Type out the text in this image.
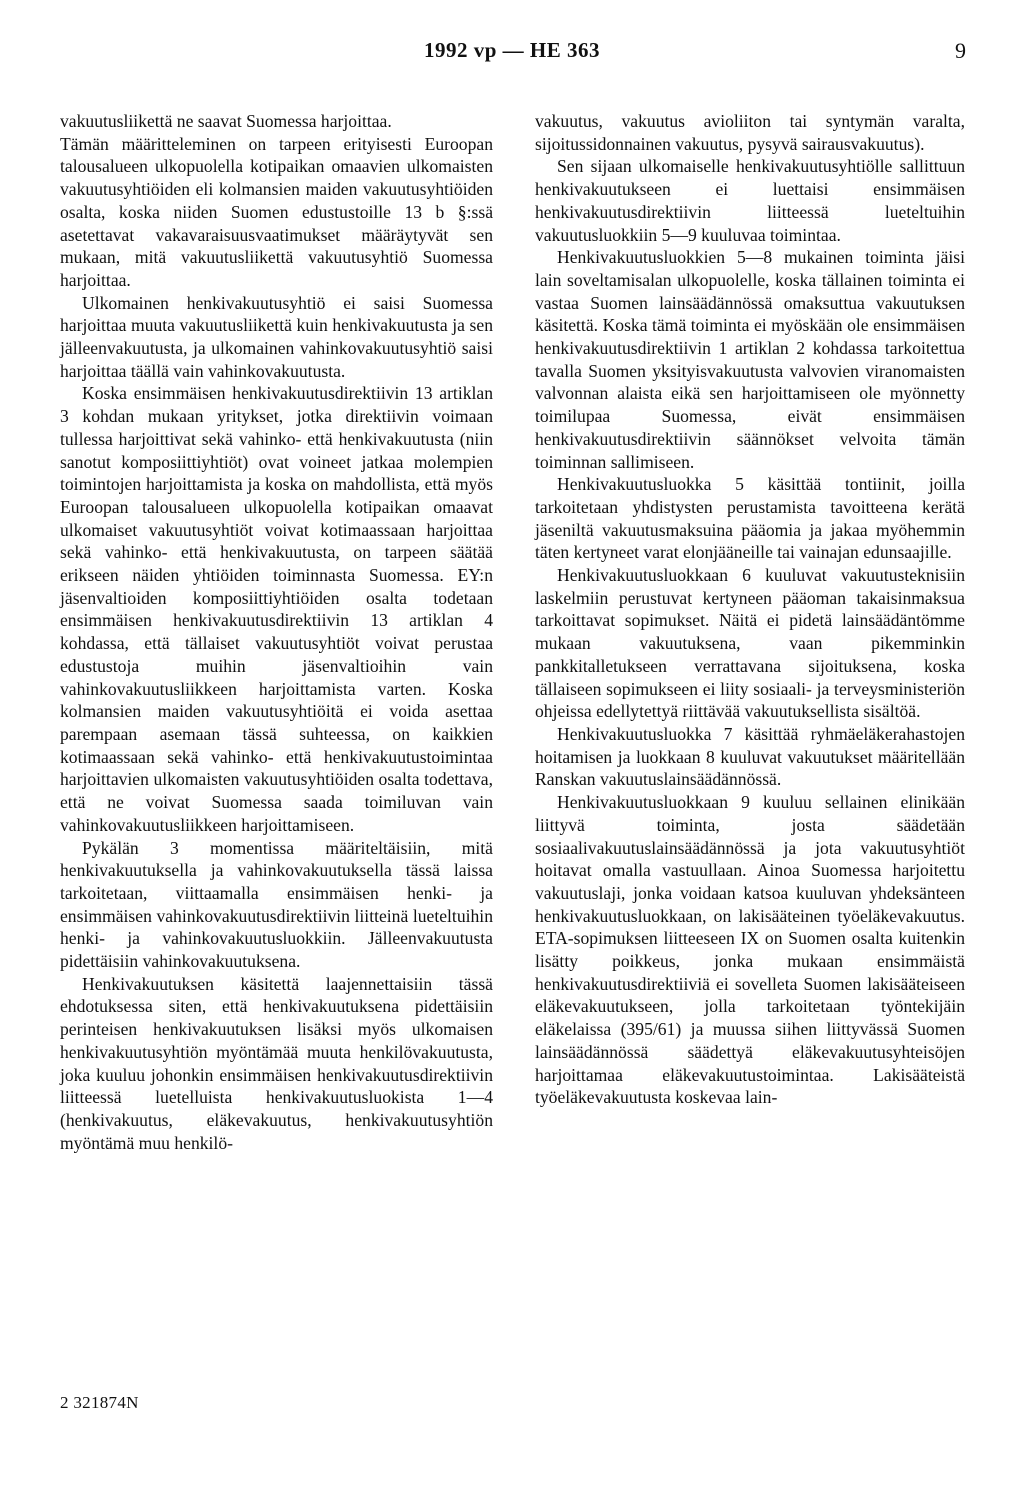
1992 vp — HE 363	9

vakuutusliikettä ne saavat Suomessa harjoittaa.

Tämän määritteleminen on tarpeen erityisesti Euroopan talousalueen ulkopuolella kotipaikan omaavien ulkomaisten vakuutusyhtiöiden eli kolmansien maiden vakuutusyhtiöiden osalta, koska niiden Suomen edustustoille 13 b §:ssä asetettavat vakavaraisuusvaatimukset määräytyvät sen mukaan, mitä vakuutusliikettä vakuutusyhtiö Suomessa harjoittaa.

Ulkomainen henkivakuutusyhtiö ei saisi Suomessa harjoittaa muuta vakuutusliikettä kuin henkivakuutusta ja sen jälleenvakuutusta, ja ulkomainen vahinkovakuutusyhtiö saisi harjoittaa täällä vain vahinkovakuutusta.

Koska ensimmäisen henkivakuutusdirektiivin 13 artiklan 3 kohdan mukaan yritykset, jotka direktiivin voimaan tullessa harjoittivat sekä vahinko- että henkivakuutusta (niin sanotut komposiittiyhtiöt) ovat voineet jatkaa molempien toimintojen harjoittamista ja koska on mahdollista, että myös Euroopan talousalueen ulkopuolella kotipaikan omaavat ulkomaiset vakuutusyhtiöt voivat kotimaassaan harjoittaa sekä vahinko- että henkivakuutusta, on tarpeen säätää erikseen näiden yhtiöiden toiminnasta Suomessa. EY:n jäsenvaltioiden komposiittiyhtiöiden osalta todetaan ensimmäisen henkivakuutusdirektiivin 13 artiklan 4 kohdassa, että tällaiset vakuutusyhtiöt voivat perustaa edustustoja muihin jäsenvaltioihin vain vahinkovakuutusliikkeen harjoittamista varten. Koska kolmansien maiden vakuutusyhtiöitä ei voida asettaa parempaan asemaan tässä suhteessa, on kaikkien kotimaassaan sekä vahinko- että henkivakuutustoimintaa harjoittavien ulkomaisten vakuutusyhtiöiden osalta todettava, että ne voivat Suomessa saada toimiluvan vain vahinkovakuutusliikkeen harjoittamiseen.

Pykälän 3 momentissa määriteltäisiin, mitä henkivakuutuksella ja vahinkovakuutuksella tässä laissa tarkoitetaan, viittaamalla ensimmäisen henki- ja ensimmäisen vahinkovakuutusdirektiivin liitteinä lueteltuihin henki- ja vahinkovakuutusluokkiin. Jälleenvakuutusta pidettäisiin vahinkovakuutuksena.

Henkivakuutuksen käsitettä laajennettaisiin tässä ehdotuksessa siten, että henkivakuutuksena pidettäisiin perinteisen henkivakuutuksen lisäksi myös ulkomaisen henkivakuutusyhtiön myöntämää muuta henkilövakuutusta, joka kuuluu johonkin ensimmäisen henkivakuutusdirektiivin liitteessä luetelluista henkivakuutusluokista 1—4 (henkivakuutus, eläkevakuutus, henkivakuutusyhtiön myöntämä muu henkilö-

vakuutus, vakuutus avioliiton tai syntymän varalta, sijoitussidonnainen vakuutus, pysyvä sairausvakuutus).

Sen sijaan ulkomaiselle henkivakuutusyhtiölle sallittuun henkivakuutukseen ei luettaisi ensimmäisen henkivakuutusdirektiivin liitteessä lueteltuihin vakuutusluokkiin 5—9 kuuluvaa toimintaa.

Henkivakuutusluokkien 5—8 mukainen toiminta jäisi lain soveltamisalan ulkopuolelle, koska tällainen toiminta ei vastaa Suomen lainsäädännössä omaksuttua vakuutuksen käsitettä. Koska tämä toiminta ei myöskään ole ensimmäisen henkivakuutusdirektiivin 1 artiklan 2 kohdassa tarkoitettua tavalla Suomen yksityisvakuutusta valvovien viranomaisten valvonnan alaista eikä sen harjoittamiseen ole myönnetty toimilupaa Suomessa, eivät ensimmäisen henkivakuutusdirektiivin säännökset velvoita tämän toiminnan sallimiseen.

Henkivakuutusluokka 5 käsittää tontiinit, joilla tarkoitetaan yhdistysten perustamista tavoitteena kerätä jäseniltä vakuutusmaksuina pääomia ja jakaa myöhemmin täten kertyneet varat elonjääneille tai vainajan edunsaajille.

Henkivakuutusluokkaan 6 kuuluvat vakuutusteknisiin laskelmiin perustuvat kertyneen pääoman takaisinmaksua tarkoittavat sopimukset. Näitä ei pidetä lainsäädäntömme mukaan vakuutuksena, vaan pikemminkin pankkitalletukseen verrattavana sijoituksena, koska tällaiseen sopimukseen ei liity sosiaali- ja terveysministeriön ohjeissa edellytettyä riittävää vakuutuksellista sisältöä.

Henkivakuutusluokka 7 käsittää ryhmäeläkerahastojen hoitamisen ja luokkaan 8 kuuluvat vakuutukset määritellään Ranskan vakuutuslainsäädännössä.

Henkivakuutusluokkaan 9 kuuluu sellainen elinikään liittyvä toiminta, josta säädetään sosiaalivakuutuslainsäädännössä ja jota vakuutusyhtiöt hoitavat omalla vastuullaan. Ainoa Suomessa harjoitettu vakuutuslaji, jonka voidaan katsoa kuuluvan yhdeksänteen henkivakuutusluokkaan, on lakisääteinen työeläkevakuutus. ETA-sopimuksen liitteeseen IX on Suomen osalta kuitenkin lisätty poikkeus, jonka mukaan ensimmäistä henkivakuutusdirektiiviä ei sovelleta Suomen lakisääteiseen eläkevakuutukseen, jolla tarkoitetaan työntekijäin eläkelaissa (395/61) ja muussa siihen liittyvässä Suomen lainsäädännössä säädettyä eläkevakuutusyhteisöjen harjoittamaa eläkevakuutustoimintaa. Lakisääteistä työeläkevakuutusta koskevaa lain-

2 321874N
